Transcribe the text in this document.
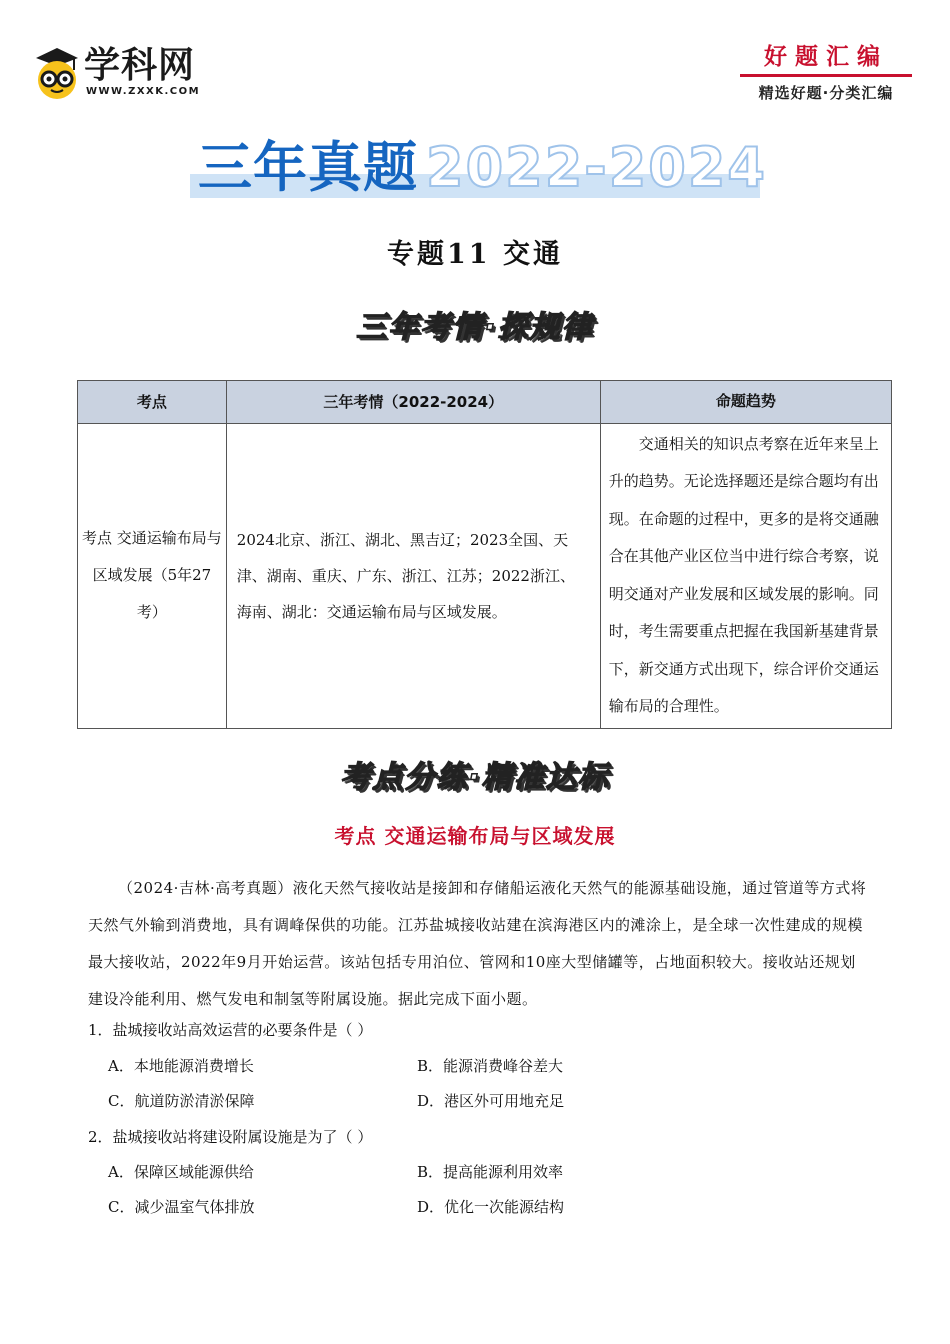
学科网
WWW.ZXXK.COM
好题汇编
精选好题·分类汇编
三年真题 2022-2024
专题11 交通
三年考情·探规律
考点	三年考情（2022-2024）	命题趋势
考点 交通运输布局与区域发展（5年27考）	2024北京、浙江、湖北、黑吉辽；2023全国、天津、湖南、重庆、广东、浙江、江苏；2022浙江、海南、湖北：交通运输布局与区域发展。	交通相关的知识点考察在近年来呈上升的趋势。无论选择题还是综合题均有出现。在命题的过程中，更多的是将交通融合在其他产业区位当中进行综合考察，说明交通对产业发展和区域发展的影响。同时，考生需要重点把握在我国新基建背景下，新交通方式出现下，综合评价交通运输布局的合理性。
考点分练·精准达标
考点 交通运输布局与区域发展
（2024·吉林·高考真题）液化天然气接收站是接卸和存储船运液化天然气的能源基础设施，通过管道等方式将天然气外输到消费地，具有调峰保供的功能。江苏盐城接收站建在滨海港区内的滩涂上，是全球一次性建成的规模最大接收站，2022年9月开始运营。该站包括专用泊位、管网和10座大型储罐等，占地面积较大。接收站还规划建设冷能利用、燃气发电和制氢等附属设施。据此完成下面小题。
1．盐城接收站高效运营的必要条件是（ ）
A．本地能源消费增长	B．能源消费峰谷差大
C．航道防淤清淤保障	D．港区外可用地充足
2．盐城接收站将建设附属设施是为了（ ）
A．保障区域能源供给	B．提高能源利用效率
C．减少温室气体排放	D．优化一次能源结构
